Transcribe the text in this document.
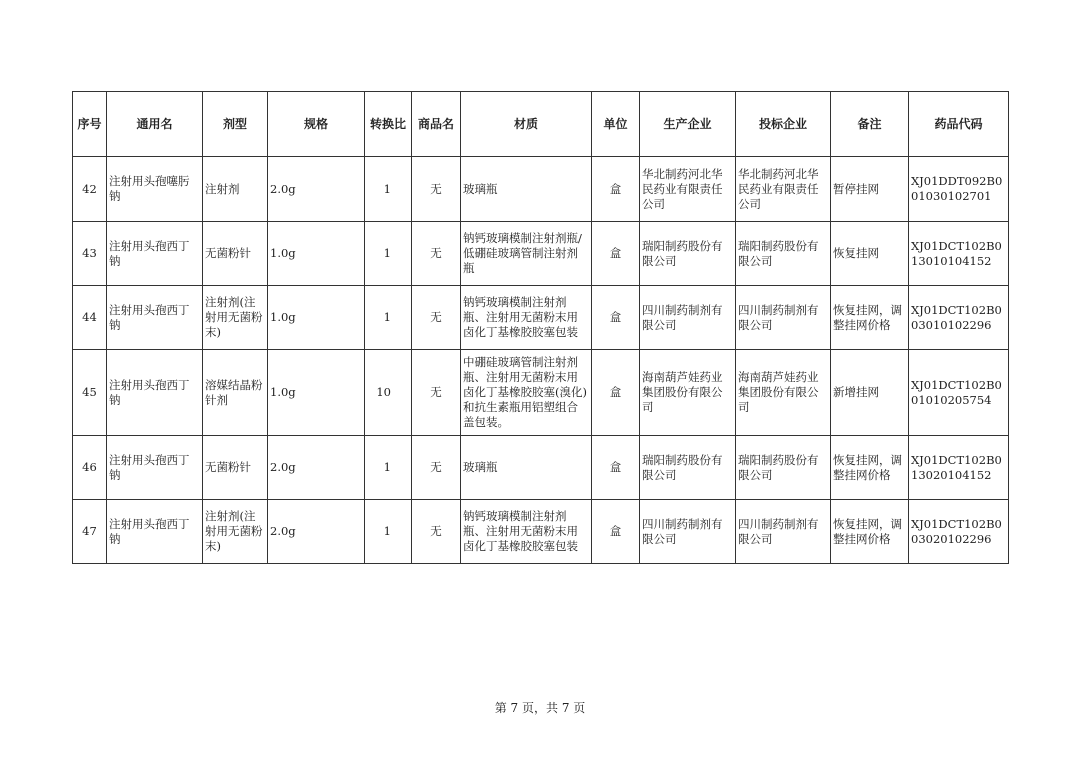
序号	通用名	剂型	规格	转换比	商品名	材质	单位	生产企业	投标企业	备注	药品代码
42	注射用头孢噻肟钠	注射剂	2.0g	1	无	玻璃瓶	盒	华北制药河北华民药业有限责任公司	华北制药河北华民药业有限责任公司	暂停挂网	XJ01DDT092B001030102701
43	注射用头孢西丁钠	无菌粉针	1.0g	1	无	钠钙玻璃模制注射剂瓶/低硼硅玻璃管制注射剂瓶	盒	瑞阳制药股份有限公司	瑞阳制药股份有限公司	恢复挂网	XJ01DCT102B013010104152
44	注射用头孢西丁钠	注射剂(注射用无菌粉末)	1.0g	1	无	钠钙玻璃模制注射剂瓶、注射用无菌粉末用卤化丁基橡胶胶塞包装	盒	四川制药制剂有限公司	四川制药制剂有限公司	恢复挂网，调整挂网价格	XJ01DCT102B003010102296
45	注射用头孢西丁钠	溶媒结晶粉针剂	1.0g	10	无	中硼硅玻璃管制注射剂瓶、注射用无菌粉末用卤化丁基橡胶胶塞(溴化)和抗生素瓶用铝塑组合盖包装。	盒	海南葫芦娃药业集团股份有限公司	海南葫芦娃药业集团股份有限公司	新增挂网	XJ01DCT102B001010205754
46	注射用头孢西丁钠	无菌粉针	2.0g	1	无	玻璃瓶	盒	瑞阳制药股份有限公司	瑞阳制药股份有限公司	恢复挂网，调整挂网价格	XJ01DCT102B013020104152
47	注射用头孢西丁钠	注射剂(注射用无菌粉末)	2.0g	1	无	钠钙玻璃模制注射剂瓶、注射用无菌粉末用卤化丁基橡胶胶塞包装	盒	四川制药制剂有限公司	四川制药制剂有限公司	恢复挂网，调整挂网价格	XJ01DCT102B003020102296
第 7 页，共 7 页
